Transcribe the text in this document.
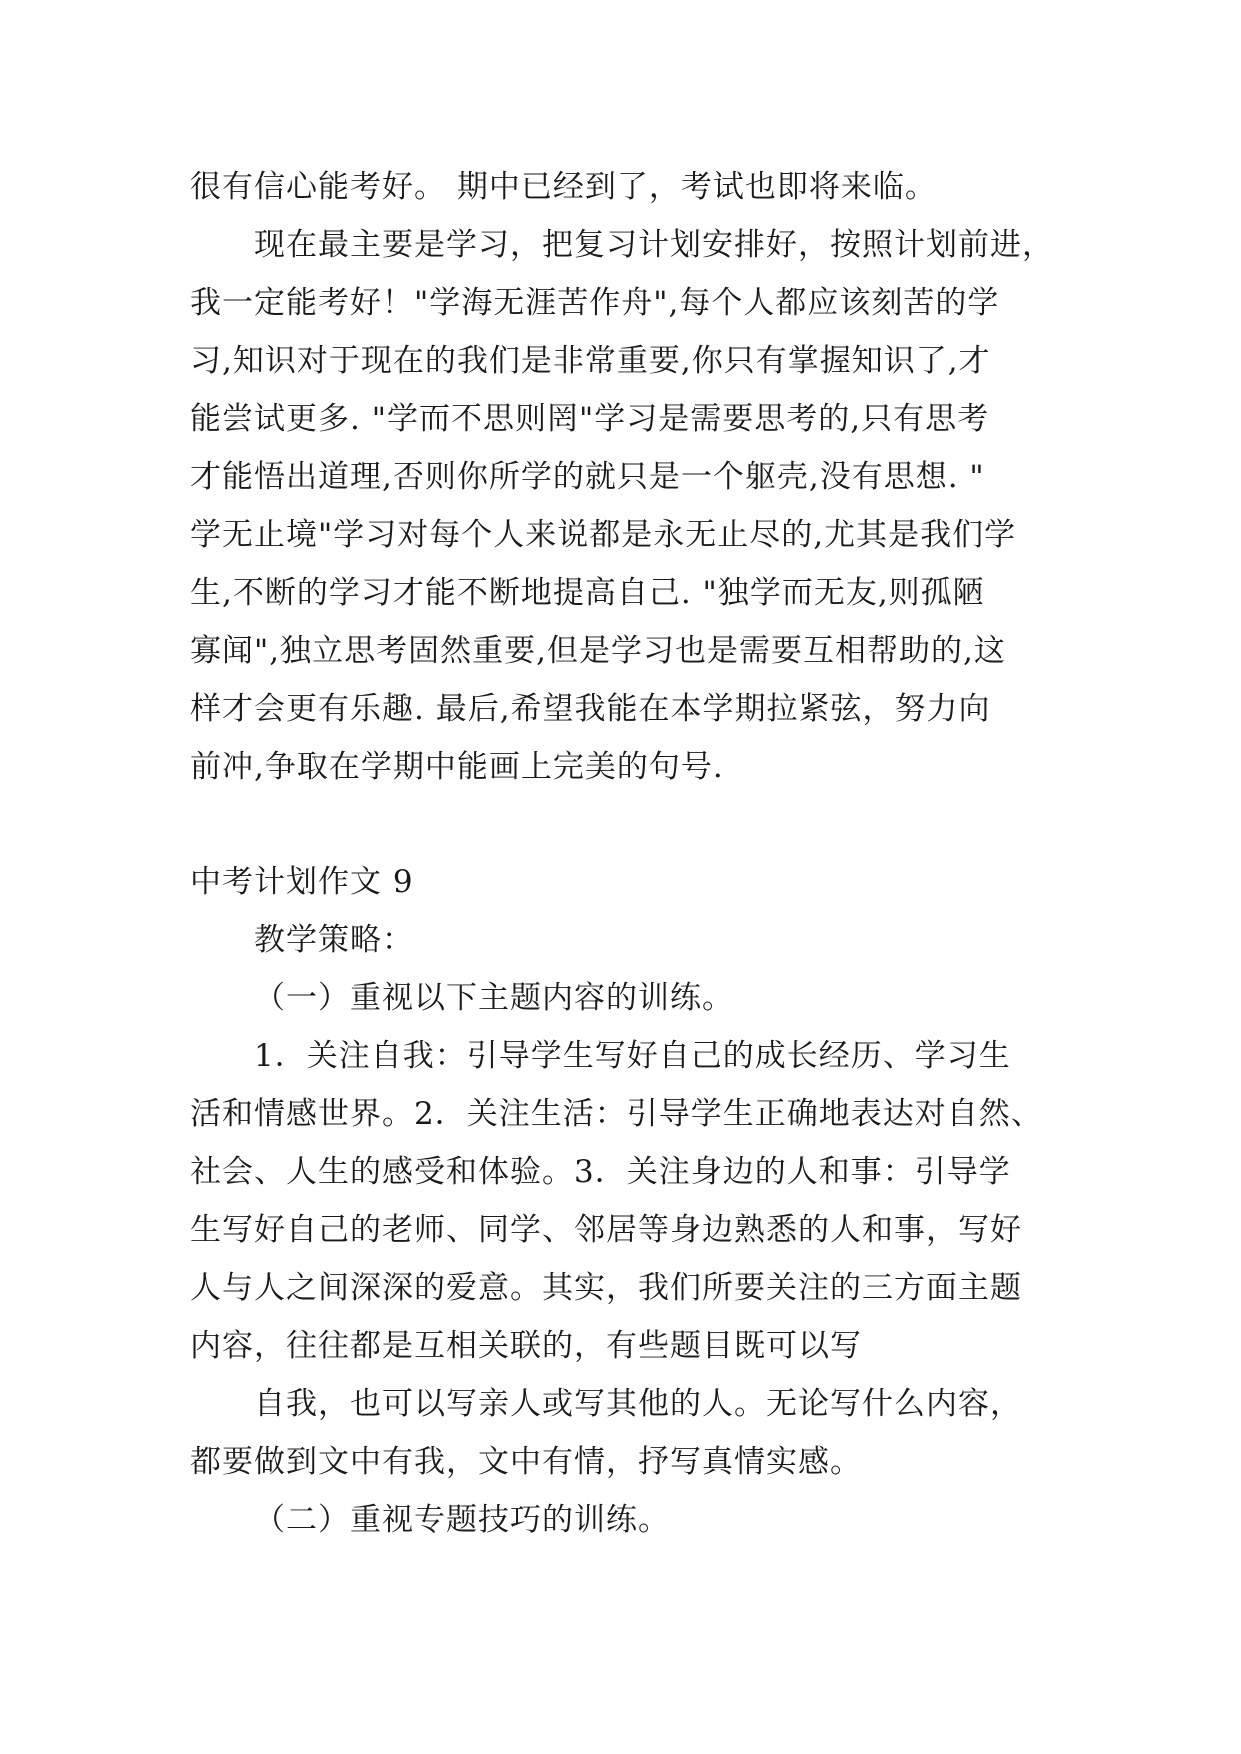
很有信心能考好。 期中已经到了，考试也即将来临。
现在最主要是学习，把复习计划安排好，按照计划前进，
我一定能考好！"学海无涯苦作舟",每个人都应该刻苦的学
习,知识对于现在的我们是非常重要,你只有掌握知识了,才
能尝试更多. "学而不思则罔"学习是需要思考的,只有思考
才能悟出道理,否则你所学的就只是一个躯壳,没有思想. "
学无止境"学习对每个人来说都是永无止尽的,尤其是我们学
生,不断的学习才能不断地提高自己. "独学而无友,则孤陋
寡闻",独立思考固然重要,但是学习也是需要互相帮助的,这
样才会更有乐趣. 最后,希望我能在本学期拉紧弦，努力向
前冲,争取在学期中能画上完美的句号.
中考计划作文 9
教学策略：
（一）重视以下主题内容的训练。
1．关注自我：引导学生写好自己的成长经历、学习生
活和情感世界。2．关注生活：引导学生正确地表达对自然、
社会、人生的感受和体验。3．关注身边的人和事：引导学
生写好自己的老师、同学、邻居等身边熟悉的人和事，写好
人与人之间深深的爱意。其实，我们所要关注的三方面主题
内容，往往都是互相关联的，有些题目既可以写
自我，也可以写亲人或写其他的人。无论写什么内容，
都要做到文中有我，文中有情，抒写真情实感。
（二）重视专题技巧的训练。
